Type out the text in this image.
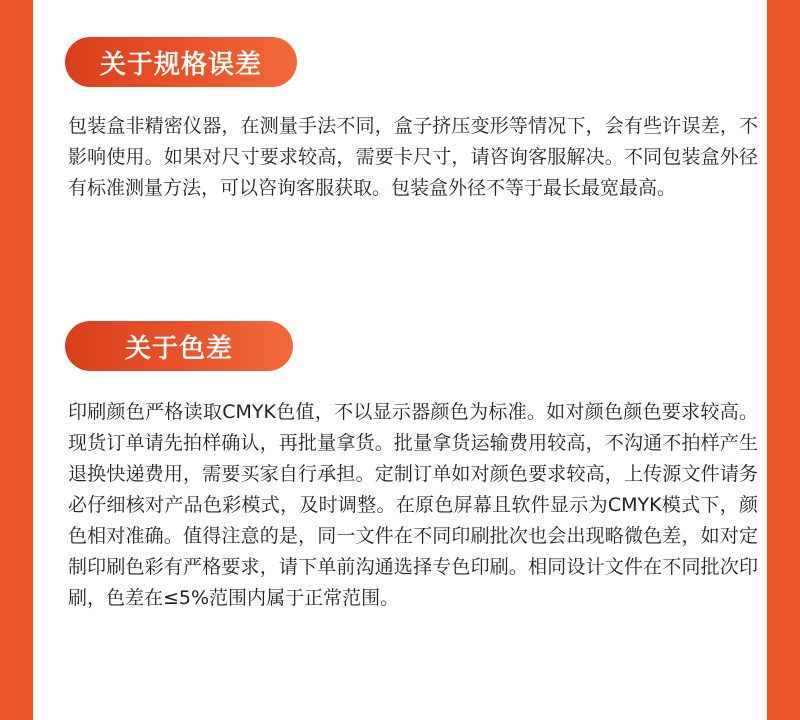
关于规格误差

包装盒非精密仪器，在测量手法不同，盒子挤压变形等情况下，会有些许误差，不影响使用。如果对尺寸要求较高，需要卡尺寸，请咨询客服解决。不同包装盒外径有标准测量方法，可以咨询客服获取。包装盒外径不等于最长最宽最高。

关于色差

印刷颜色严格读取CMYK色值，不以显示器颜色为标准。如对颜色颜色要求较高。现货订单请先拍样确认，再批量拿货。批量拿货运输费用较高，不沟通不拍样产生退换快递费用，需要买家自行承担。定制订单如对颜色要求较高，上传源文件请务必仔细核对产品色彩模式，及时调整。在原色屏幕且软件显示为CMYK模式下，颜色相对准确。值得注意的是，同一文件在不同印刷批次也会出现略微色差，如对定制印刷色彩有严格要求，请下单前沟通选择专色印刷。相同设计文件在不同批次印刷，色差在≤5%范围内属于正常范围。
